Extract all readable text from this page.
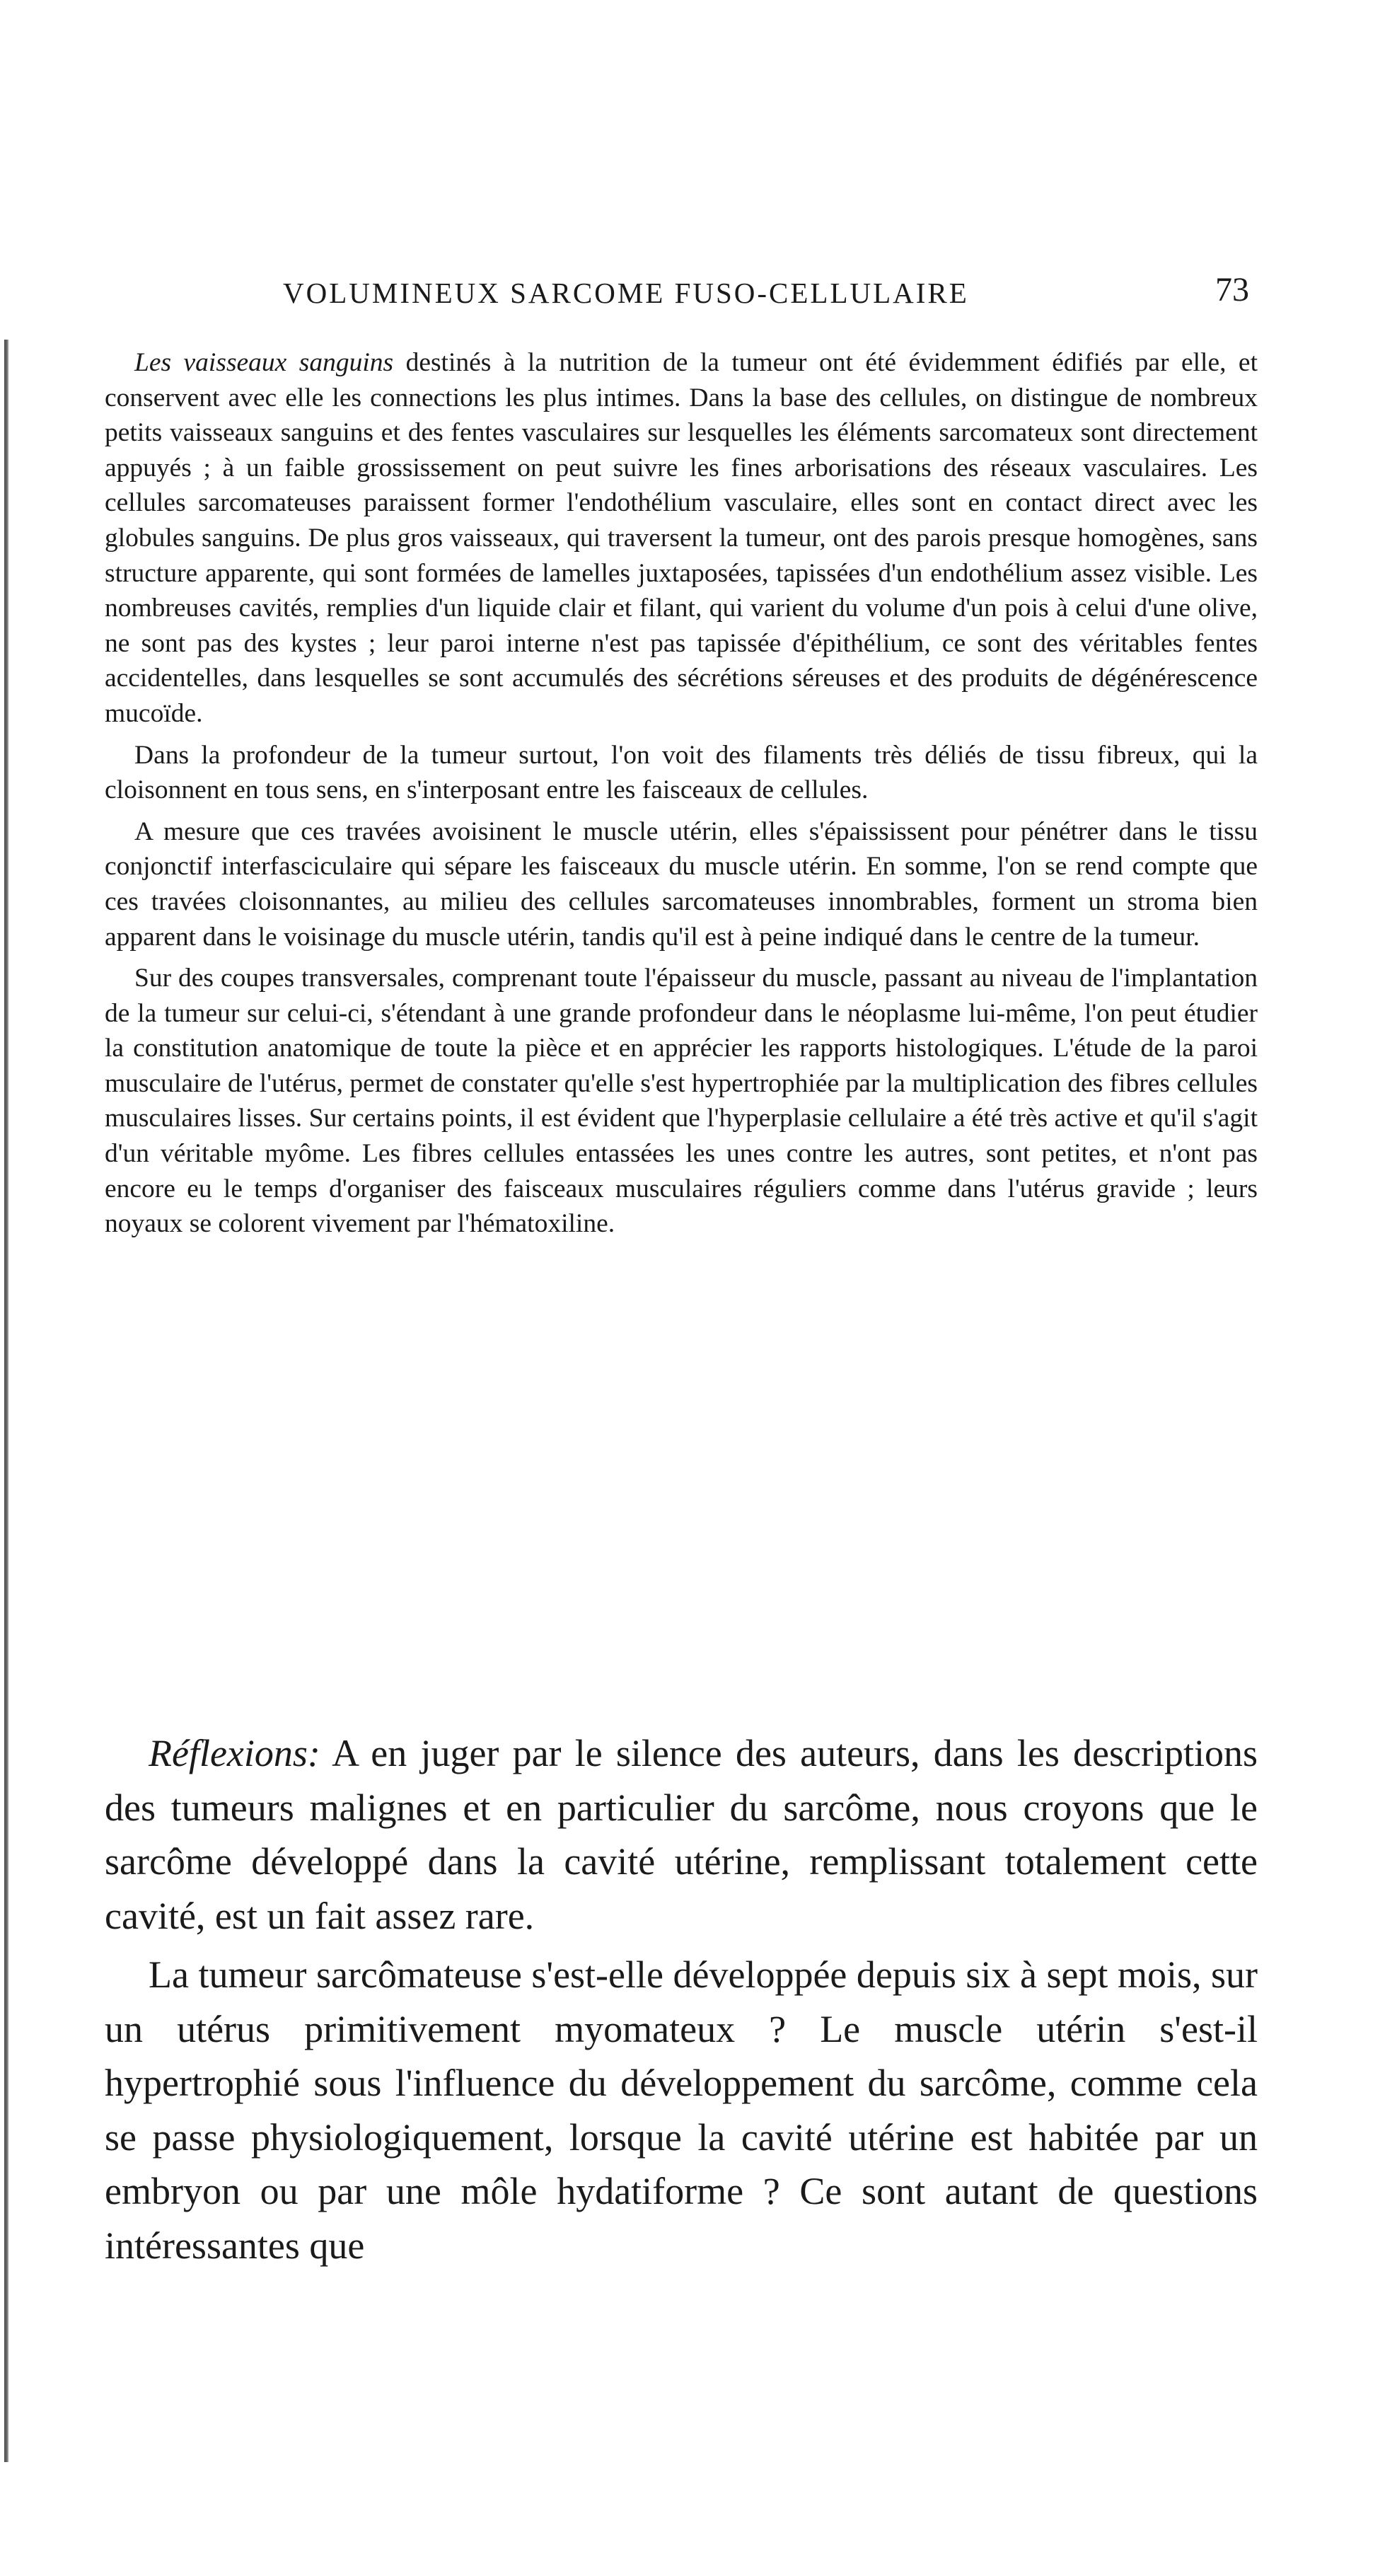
VOLUMINEUX SARCOME FUSO-CELLULAIRE	73

Les vaisseaux sanguins destinés à la nutrition de la tumeur ont été évidemment édifiés par elle, et conservent avec elle les connections les plus intimes. Dans la base des cellules, on distingue de nombreux petits vaisseaux sanguins et des fentes vasculaires sur lesquelles les éléments sarcomateux sont directement appuyés ; à un faible grossissement on peut suivre les fines arborisations des réseaux vasculaires. Les cellules sarcomateuses paraissent former l'endothélium vasculaire, elles sont en contact direct avec les globules sanguins. De plus gros vaisseaux, qui traversent la tumeur, ont des parois presque homogènes, sans structure apparente, qui sont formées de lamelles juxtaposées, tapissées d'un endothélium assez visible. Les nombreuses cavités, remplies d'un liquide clair et filant, qui varient du volume d'un pois à celui d'une olive, ne sont pas des kystes ; leur paroi interne n'est pas tapissée d'épithélium, ce sont des véritables fentes accidentelles, dans lesquelles se sont accumulés des sécrétions séreuses et des produits de dégénérescence mucoïde.

Dans la profondeur de la tumeur surtout, l'on voit des filaments très déliés de tissu fibreux, qui la cloisonnent en tous sens, en s'interposant entre les faisceaux de cellules.

A mesure que ces travées avoisinent le muscle utérin, elles s'épaississent pour pénétrer dans le tissu conjonctif interfasciculaire qui sépare les faisceaux du muscle utérin. En somme, l'on se rend compte que ces travées cloisonnantes, au milieu des cellules sarcomateuses innombrables, forment un stroma bien apparent dans le voisinage du muscle utérin, tandis qu'il est à peine indiqué dans le centre de la tumeur.

Sur des coupes transversales, comprenant toute l'épaisseur du muscle, passant au niveau de l'implantation de la tumeur sur celui-ci, s'étendant à une grande profondeur dans le néoplasme lui-même, l'on peut étudier la constitution anatomique de toute la pièce et en apprécier les rapports histologiques. L'étude de la paroi musculaire de l'utérus, permet de constater qu'elle s'est hypertrophiée par la multiplication des fibres cellules musculaires lisses. Sur certains points, il est évident que l'hyperplasie cellulaire a été très active et qu'il s'agit d'un véritable myôme. Les fibres cellules entassées les unes contre les autres, sont petites, et n'ont pas encore eu le temps d'organiser des faisceaux musculaires réguliers comme dans l'utérus gravide ; leurs noyaux se colorent vivement par l'hématoxiline.

Réflexions: A en juger par le silence des auteurs, dans les descriptions des tumeurs malignes et en particulier du sarcôme, nous croyons que le sarcôme développé dans la cavité utérine, remplissant totalement cette cavité, est un fait assez rare.

La tumeur sarcômateuse s'est-elle développée depuis six à sept mois, sur un utérus primitivement myomateux ? Le muscle utérin s'est-il hypertrophié sous l'influence du développement du sarcôme, comme cela se passe physiologiquement, lorsque la cavité utérine est habitée par un embryon ou par une môle hydatiforme ? Ce sont autant de questions intéressantes que
